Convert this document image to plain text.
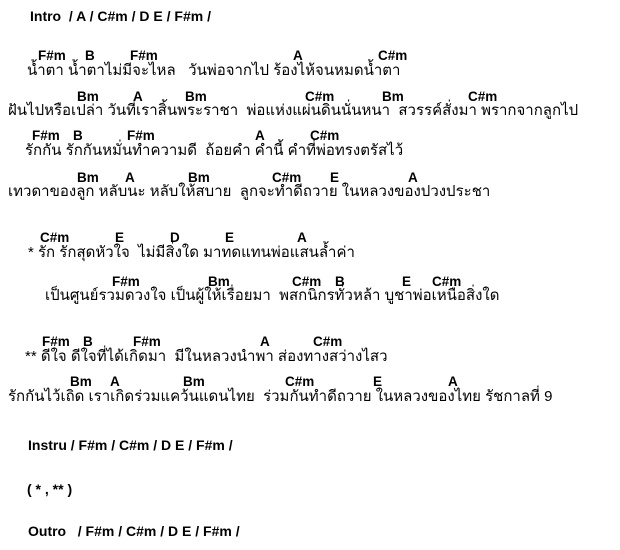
Intro  / A / C#m / D E / F#m /
F#m B	F#m	A	C#m
น้ำตา น้ำตาไม่มีจะไหล   วันพ่อจากไป ร้องไห้จนหมดน้ำตา
Bm	A	Bm	C#m	Bm	C#m
ฝันไปหรือเปล่า วันที่เราสิ้นพระราชา  พ่อแห่งแผ่นดินนั่นหนา  สวรรค์สั่งมา พรากจากลูกไป
F#m B	F#m	A	C#m
รักกัน รักกันหมั่นทำความดี  ถ้อยคำ คำนี้ คำที่พ่อทรงตรัสไว้
Bm A	Bm	C#m E	A
เทวดาของลูก หลับนะ หลับให้สบาย  ลูกจะทำดีถวาย ในหลวงของปวงประชา
C#m	E	D	E	A
* รัก รักสุดหัวใจ  ไม่มีสิ่งใด มาทดแทนพ่อแสนล้ำค่า
F#m	Bm	C#m B	E C#m
เป็นศูนย์รวมดวงใจ เป็นผู้ให้เรื่อยมา  พสกนิกรทั่วหล้า บูชาพ่อเหนือสิ่งใด
F#m B	F#m	A	C#m
** ดีใจ ดีใจที่ได้เกิดมา  มีในหลวงนำพา ส่องทางสว่างไสว
Bm A	Bm	C#m	E	A
รักกันไว้เถิด เราเกิดร่วมแคว้นแดนไทย  ร่วมกันทำดีถวาย ในหลวงของไทย รัชกาลที่ 9
Instru / F#m / C#m / D E / F#m /
( * , ** )
Outro   / F#m / C#m / D E / F#m /
